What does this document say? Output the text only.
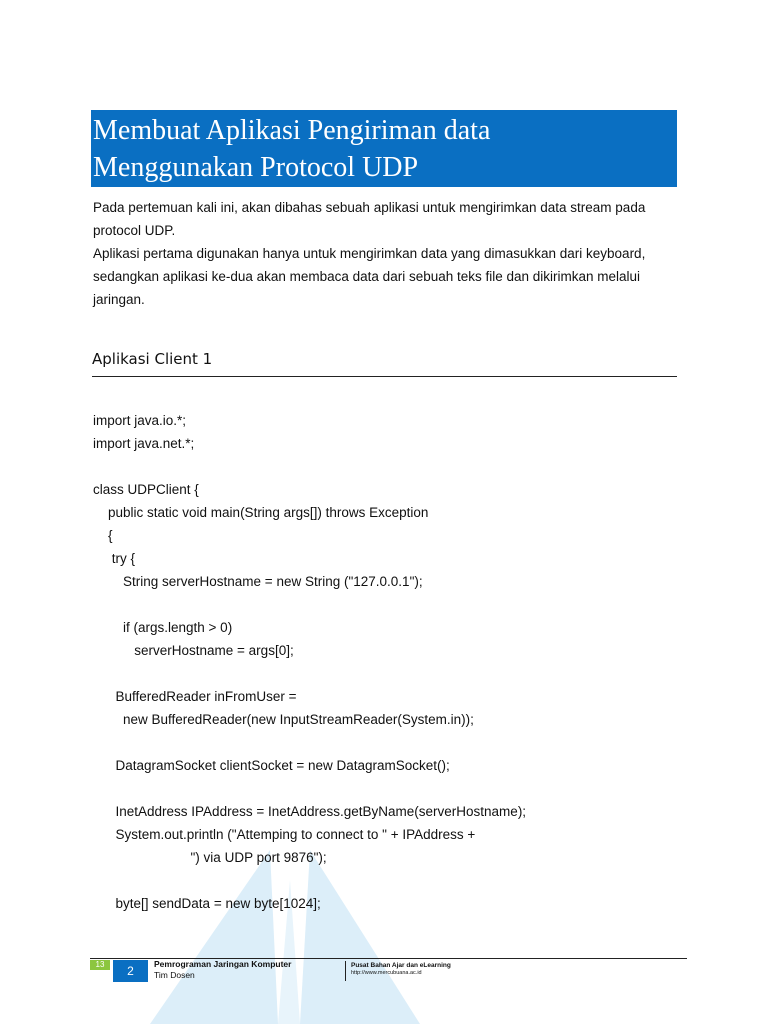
Membuat Aplikasi Pengiriman data
Menggunakan Protocol UDP

Pada pertemuan kali ini, akan dibahas sebuah aplikasi untuk mengirimkan data stream pada protocol UDP.

Aplikasi pertama digunakan hanya untuk mengirimkan data yang dimasukkan dari keyboard, sedangkan aplikasi ke-dua akan membaca data dari sebuah teks file dan dikirimkan melalui jaringan.

Aplikasi Client 1
import java.io.*;
import java.net.*;
class UDPClient {
public static void main(String args[]) throws Exception
{
try {
String serverHostname = new String ("127.0.0.1");
if (args.length > 0)
serverHostname = args[0];
BufferedReader inFromUser =
new BufferedReader(new InputStreamReader(System.in));
DatagramSocket clientSocket = new DatagramSocket();
InetAddress IPAddress = InetAddress.getByName(serverHostname);
System.out.println ("Attemping to connect to " + IPAddress +
") via UDP port 9876");
byte[] sendData = new byte[1024];
13	2	Pemrograman Jaringan Komputer
Tim Dosen
Pusat Bahan Ajar dan eLearning
http://www.mercubuana.ac.id
